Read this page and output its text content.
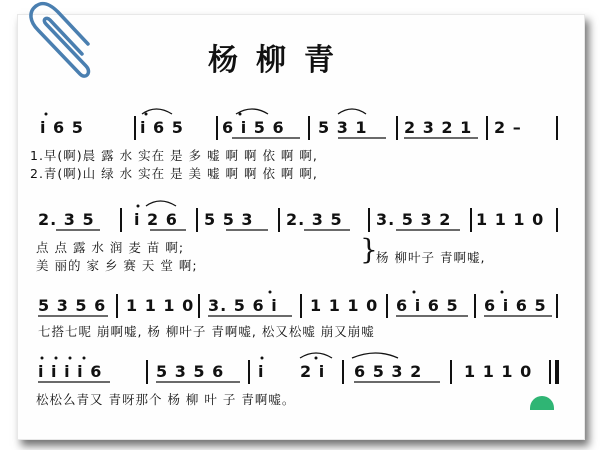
杨柳青
i 6 5	i 6 5 6 i 5 6 5 3 1 2 3 2 1 2 –
1.早(啊)晨 露 水 实在 是 多 嘘 啊 啊 依 啊 啊,
2.青(啊)山 绿 水 实在 是 美 嘘 啊 啊 依 啊 啊,
2. 3 5 i 2 6 5 5 3 2. 3 5 3. 5 3 2 1 1 1 0
点 点 露 水 润 麦 苗 啊;
美 丽的 家 乡 赛 天 堂 啊;	}
杨 柳叶子 青啊嘘,
5 3 5 6 1 1 1 0 3. 5 6 i 1 1 1 0 6 i 6 5 6 i 6 5
七搭七呢 崩啊嘘, 杨 柳叶子 青啊嘘, 松又松嘘 崩又崩嘘
i i i i 6	5 3 5 6 i 2 i 6 5 3 2	1 1 1 0
松松么青又 青呀那个 杨 柳 叶 子 青啊嘘。
